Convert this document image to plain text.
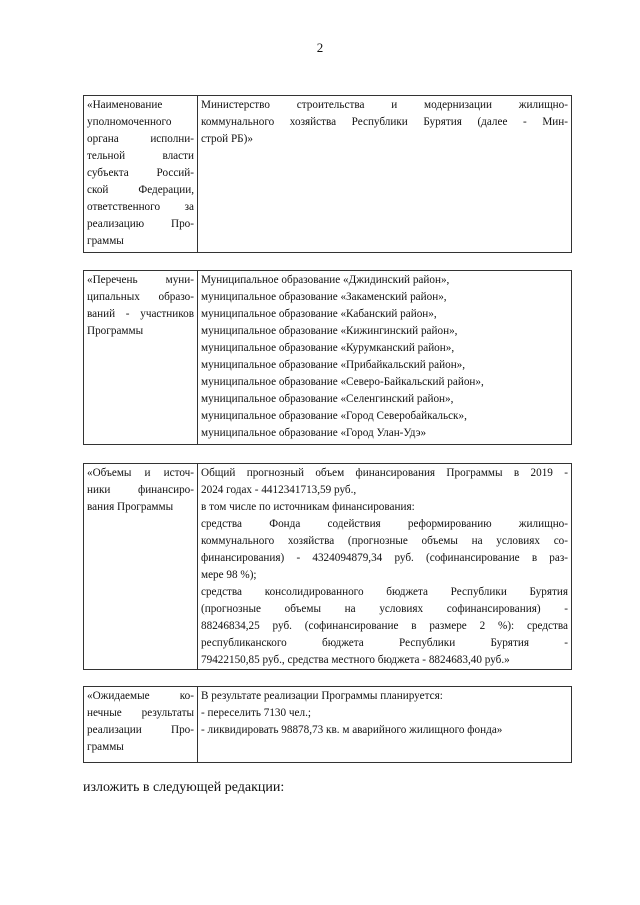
2
«Наименование
уполномоченного
органа исполни-
тельной власти
субъекта Россий-
ской Федерации,
ответственного за
реализацию Про-
граммы

Министерство строительства и модернизации жилищно-
коммунального хозяйства Республики Бурятия (далее - Мин-
строй РБ)»
«Перечень муни-
ципальных образо-
ваний - участников
Программы

Муниципальное образование «Джидинский район»,
муниципальное образование «Закаменский район»,
муниципальное образование «Кабанский район»,
муниципальное образование «Кижингинский район»,
муниципальное образование «Курумканский район»,
муниципальное образование «Прибайкальский район»,
муниципальное образование «Северо-Байкальский район»,
муниципальное образование «Селенгинский район»,
муниципальное образование «Город Северобайкальск»,
муниципальное образование «Город Улан-Удэ»
«Объемы и источ-
ники финансиро-
вания Программы

Общий прогнозный объем финансирования Программы в 2019 -
2024 годах - 4412341713,59 руб.,
в том числе по источникам финансирования:
средства Фонда содействия реформированию жилищно-
коммунального хозяйства (прогнозные объемы на условиях со-
финансирования) - 4324094879,34 руб. (софинансирование в раз-
мере 98 %);
средства консолидированного бюджета Республики Бурятия
(прогнозные объемы на условиях софинансирования) -
88246834,25 руб. (софинансирование в размере 2 %): средства
республиканского бюджета Республики Бурятия -
79422150,85 руб., средства местного бюджета - 8824683,40 руб.»
«Ожидаемые ко-
нечные результаты
реализации Про-
граммы

В результате реализации Программы планируется:
- переселить 7130 чел.;
- ликвидировать 98878,73 кв. м аварийного жилищного фонда»
изложить в следующей редакции:
